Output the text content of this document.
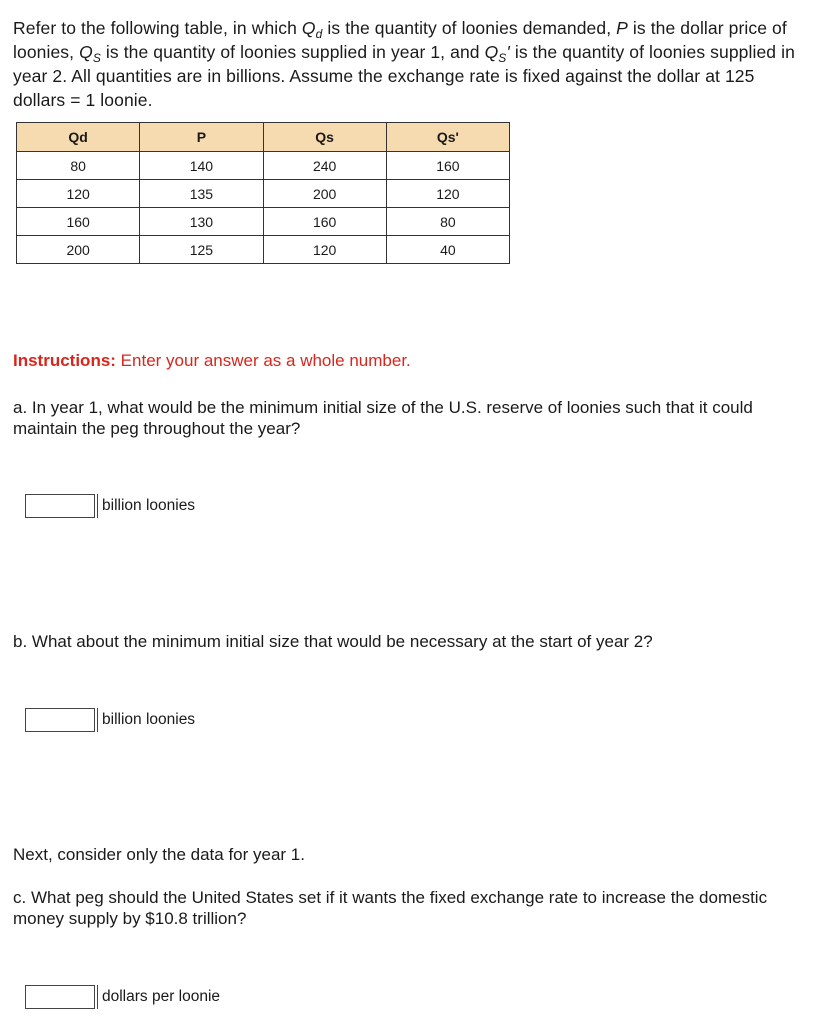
Refer to the following table, in which $Q_d$ is the quantity of loonies demanded, P is the dollar price of loonies, $Q_S$ is the quantity of loonies supplied in year 1, and $Q_S'$ is the quantity of loonies supplied in year 2. All quantities are in billions. Assume the exchange rate is fixed against the dollar at 125 dollars = 1 loonie.
Qd	P	Qs	Qs'
80	140	240	160
120	135	200	120
160	130	160	80
200	125	120	40
Instructions: Enter your answer as a whole number.
a. In year 1, what would be the minimum initial size of the U.S. reserve of loonies such that it could maintain the peg throughout the year?
billion loonies
b. What about the minimum initial size that would be necessary at the start of year 2?
billion loonies
Next, consider only the data for year 1.
c. What peg should the United States set if it wants the fixed exchange rate to increase the domestic money supply by $10.8 trillion?
dollars per loonie
